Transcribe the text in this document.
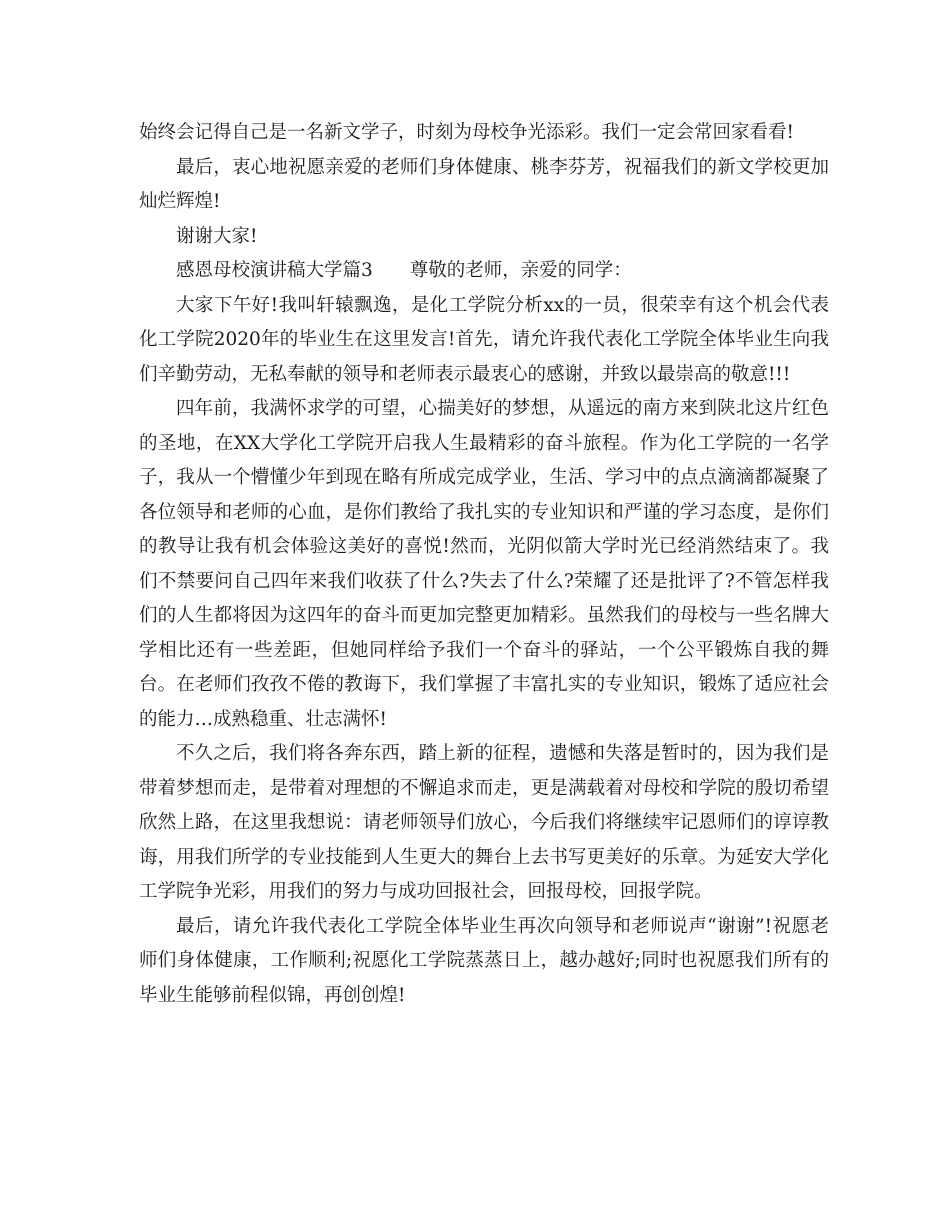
始终会记得自己是一名新文学子，时刻为母校争光添彩。我们一定会常回家看看!

最后，衷心地祝愿亲爱的老师们身体健康、桃李芬芳，祝福我们的新文学校更加灿烂辉煌!

谢谢大家!

感恩母校演讲稿大学篇3　　尊敬的老师，亲爱的同学：

大家下午好!我叫轩辕飘逸，是化工学院分析xx的一员，很荣幸有这个机会代表化工学院2020年的毕业生在这里发言!首先，请允许我代表化工学院全体毕业生向我们辛勤劳动，无私奉献的领导和老师表示最衷心的感谢，并致以最崇高的敬意!!!

四年前，我满怀求学的可望，心揣美好的梦想，从遥远的南方来到陕北这片红色的圣地，在XX大学化工学院开启我人生最精彩的奋斗旅程。作为化工学院的一名学子，我从一个懵懂少年到现在略有所成完成学业，生活、学习中的点点滴滴都凝聚了各位领导和老师的心血，是你们教给了我扎实的专业知识和严谨的学习态度，是你们的教导让我有机会体验这美好的喜悦!然而，光阴似箭大学时光已经消然结束了。我们不禁要问自己四年来我们收获了什么?失去了什么?荣耀了还是批评了?不管怎样我们的人生都将因为这四年的奋斗而更加完整更加精彩。虽然我们的母校与一些名牌大学相比还有一些差距，但她同样给予我们一个奋斗的驿站，一个公平锻炼自我的舞台。在老师们孜孜不倦的教诲下，我们掌握了丰富扎实的专业知识，锻炼了适应社会的能力…成熟稳重、壮志满怀!

不久之后，我们将各奔东西，踏上新的征程，遗憾和失落是暂时的，因为我们是带着梦想而走，是带着对理想的不懈追求而走，更是满载着对母校和学院的殷切希望欣然上路，在这里我想说：请老师领导们放心，今后我们将继续牢记恩师们的谆谆教诲，用我们所学的专业技能到人生更大的舞台上去书写更美好的乐章。为延安大学化工学院争光彩，用我们的努力与成功回报社会，回报母校，回报学院。

最后，请允许我代表化工学院全体毕业生再次向领导和老师说声“谢谢”!祝愿老师们身体健康，工作顺利;祝愿化工学院蒸蒸日上，越办越好;同时也祝愿我们所有的毕业生能够前程似锦，再创创煌!
